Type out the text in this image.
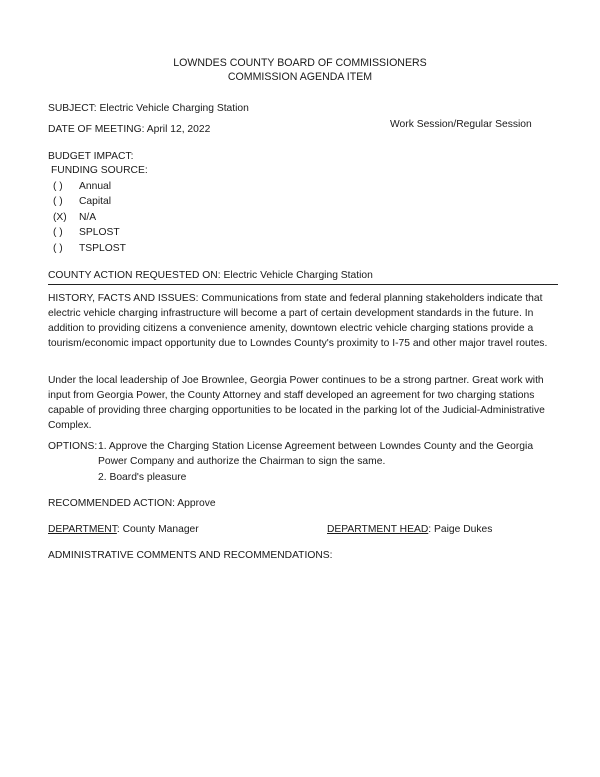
LOWNDES COUNTY BOARD OF COMMISSIONERS
COMMISSION AGENDA ITEM
SUBJECT: Electric Vehicle Charging Station
DATE OF MEETING: April 12, 2022	Work Session/Regular Session
BUDGET IMPACT:
FUNDING SOURCE:
( ) Annual
( ) Capital
(X) N/A
( ) SPLOST
( ) TSPLOST
COUNTY ACTION REQUESTED ON: Electric Vehicle Charging Station
HISTORY, FACTS AND ISSUES: Communications from state and federal planning stakeholders indicate that electric vehicle charging infrastructure will become a part of certain development standards in the future. In addition to providing citizens a convenience amenity, downtown electric vehicle charging stations provide a tourism/economic impact opportunity due to Lowndes County's proximity to I-75 and other major travel routes.
Under the local leadership of Joe Brownlee, Georgia Power continues to be a strong partner. Great work with input from Georgia Power, the County Attorney and staff developed an agreement for two charging stations capable of providing three charging opportunities to be located in the parking lot of the Judicial-Administrative Complex.
OPTIONS: 1. Approve the Charging Station License Agreement between Lowndes County and the Georgia Power Company and authorize the Chairman to sign the same.
2. Board's pleasure
RECOMMENDED ACTION: Approve
DEPARTMENT: County Manager	DEPARTMENT HEAD: Paige Dukes
ADMINISTRATIVE COMMENTS AND RECOMMENDATIONS:
